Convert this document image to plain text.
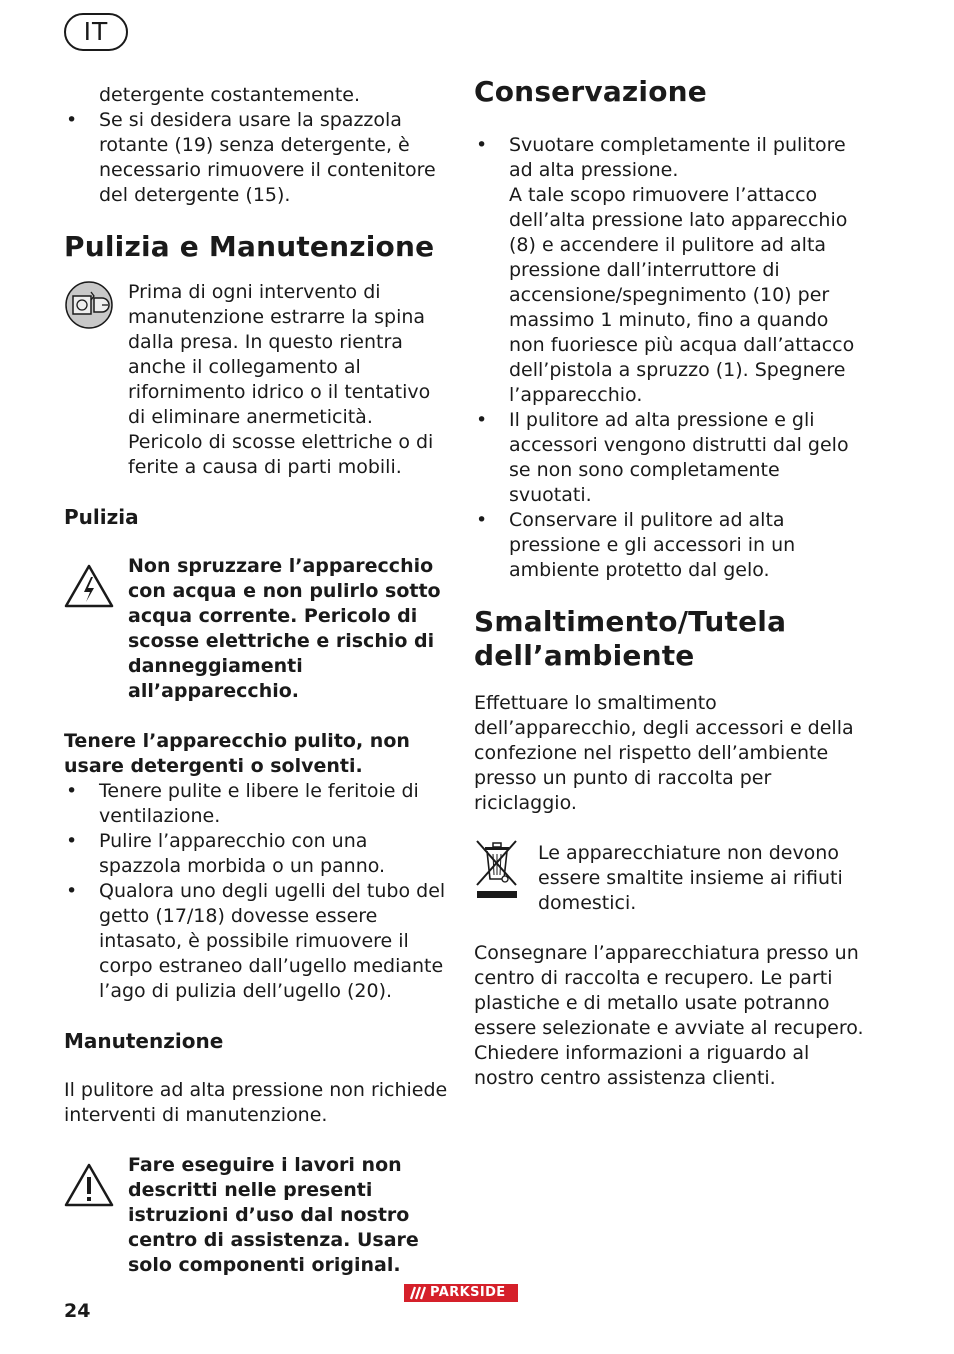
IT

detergente costantemente.

• Se si desidera usare la spazzola rotante (19) senza detergente, è necessario rimuovere il contenitore del detergente (15).
Pulizia e Manutenzione

Prima di ogni intervento di manutenzione estrarre la spina dalla presa. In questo rientra anche il collegamento al rifornimento idrico o il tentativo di eliminare anermeticità. Pericolo di scosse elettriche o di ferite a causa di parti mobili.

Pulizia

Non spruzzare l’apparecchio con acqua e non pulirlo sotto acqua corrente. Pericolo di scosse elettriche e rischio di danneggiamenti all’apparecchio.

Tenere l’apparecchio pulito, non usare detergenti o solventi.

• Tenere pulite e libere le feritoie di ventilazione.
• Pulire l’apparecchio con una spazzola morbida o un panno.
• Qualora uno degli ugelli del tubo del getto (17/18) dovesse essere intasato, è possibile rimuovere il corpo estraneo dall’ugello mediante l’ago di pulizia dell’ugello (20).
Manutenzione

Il pulitore ad alta pressione non richiede interventi di manutenzione.

Fare eseguire i lavori non descritti nelle presenti istruzioni d’uso dal nostro centro di assistenza. Usare solo componenti original.

Conservazione
• Svuotare completamente il pulitore ad alta pressione.
A tale scopo rimuovere l’attacco dell’alta pressione lato apparecchio (8) e accendere il pulitore ad alta pressione dall’interruttore di accensione/spegnimento (10) per massimo 1 minuto, fino a quando non fuoriesce più acqua dall’attacco dell’pistola a spruzzo (1). Spegnere l’apparecchio.
• Il pulitore ad alta pressione e gli accessori vengono distrutti dal gelo se non sono completamente svuotati.
• Conservare il pulitore ad alta pressione e gli accessori in un ambiente protetto dal gelo.
Smaltimento/Tutela dell’ambiente

Effettuare lo smaltimento dell’apparecchio, degli accessori e della confezione nel rispetto dell’ambiente presso un punto di raccolta per riciclaggio.

Le apparecchiature non devono essere smaltite insieme ai rifiuti domestici.

Consegnare l’apparecchiatura presso un centro di raccolta e recupero. Le parti plastiche e di metallo usate potranno essere selezionate e avviate al recupero. Chiedere informazioni a riguardo al nostro centro assistenza clienti.

24
PARKSIDE
